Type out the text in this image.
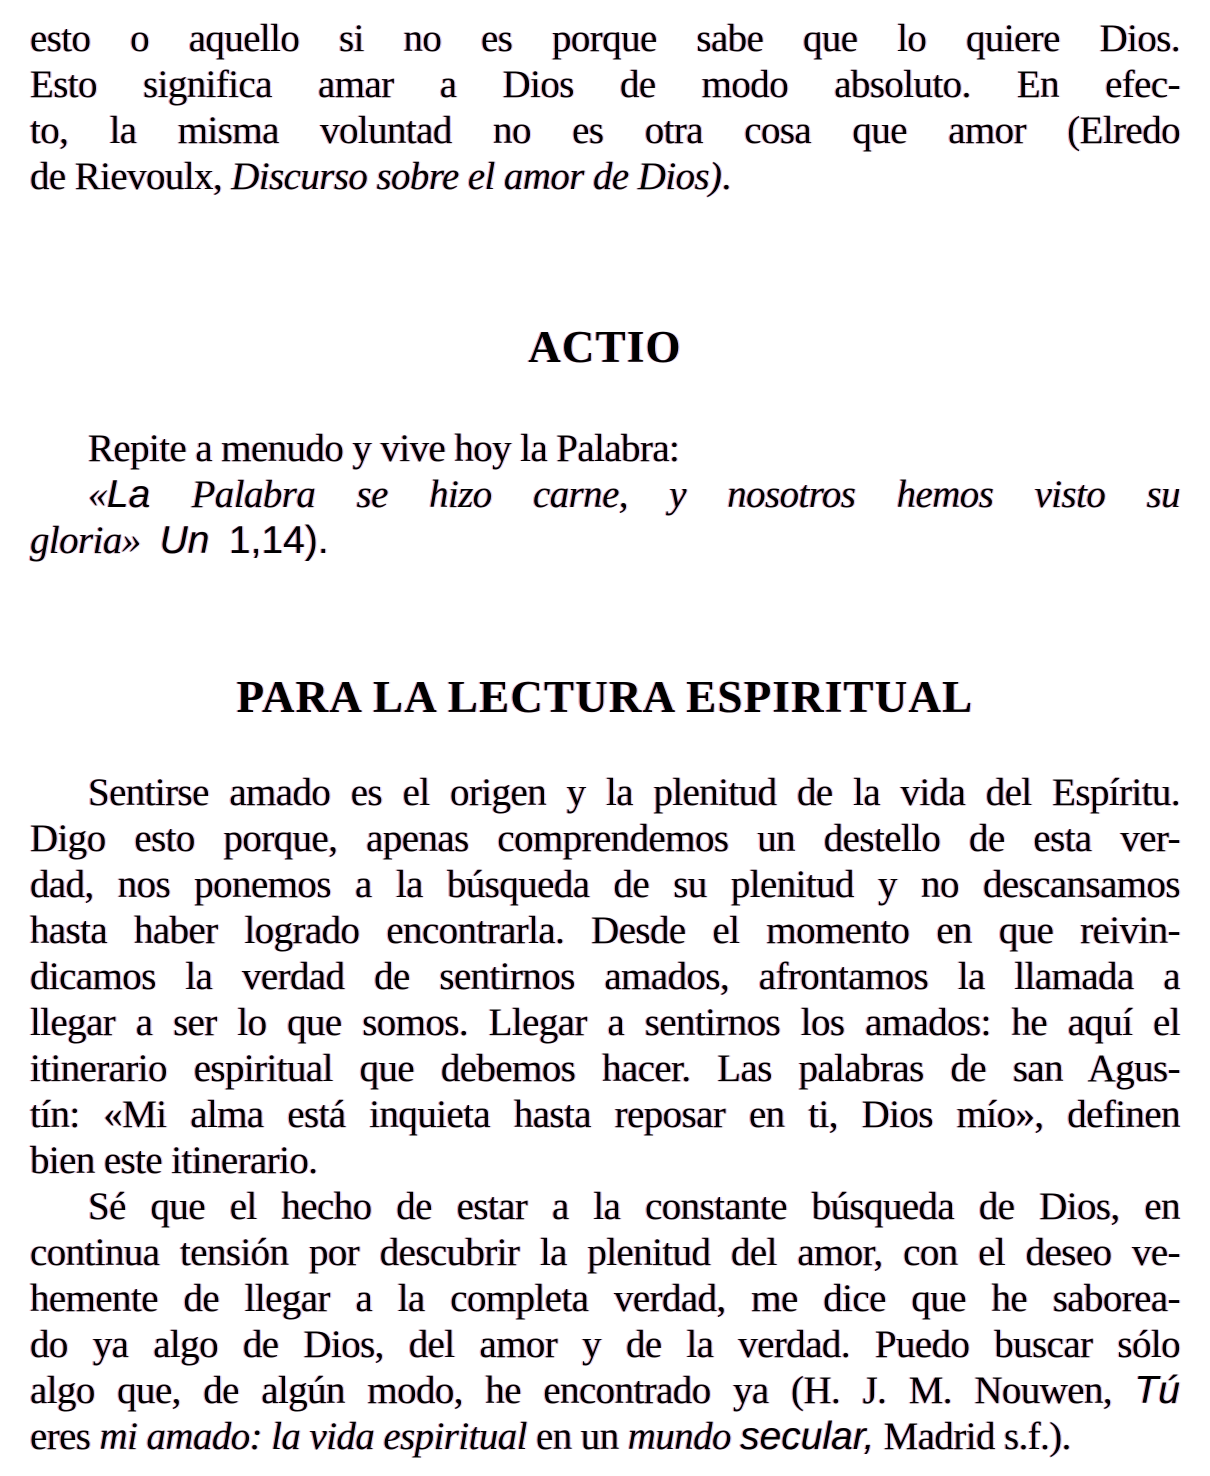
esto o aquello si no es porque sabe que lo quiere Dios.
Esto significa amar a Dios de modo absoluto. En efec-
to, la misma voluntad no es otra cosa que amor (Elredo
de Rievoulx, Discurso sobre el amor de Dios).
ACTIO
Repite a menudo y vive hoy la Palabra:
«La Palabra se hizo carne, y nosotros hemos visto su
gloria» Un 1,14).
PARA LA LECTURA ESPIRITUAL
Sentirse amado es el origen y la plenitud de la vida del Espíritu.
Digo esto porque, apenas comprendemos un destello de esta ver-
dad, nos ponemos a la búsqueda de su plenitud y no descansamos
hasta haber logrado encontrarla. Desde el momento en que reivin-
dicamos la verdad de sentirnos amados, afrontamos la llamada a
llegar a ser lo que somos. Llegar a sentirnos los amados: he aquí el
itinerario espiritual que debemos hacer. Las palabras de san Agus-
tín: «Mi alma está inquieta hasta reposar en ti, Dios mío», definen
bien este itinerario.
Sé que el hecho de estar a la constante búsqueda de Dios, en
continua tensión por descubrir la plenitud del amor, con el deseo ve-
hemente de llegar a la completa verdad, me dice que he saborea-
do ya algo de Dios, del amor y de la verdad. Puedo buscar sólo
algo que, de algún modo, he encontrado ya (H. J. M. Nouwen, Tú
eres mi amado: la vida espiritual en un mundo secular, Madrid s.f.).
